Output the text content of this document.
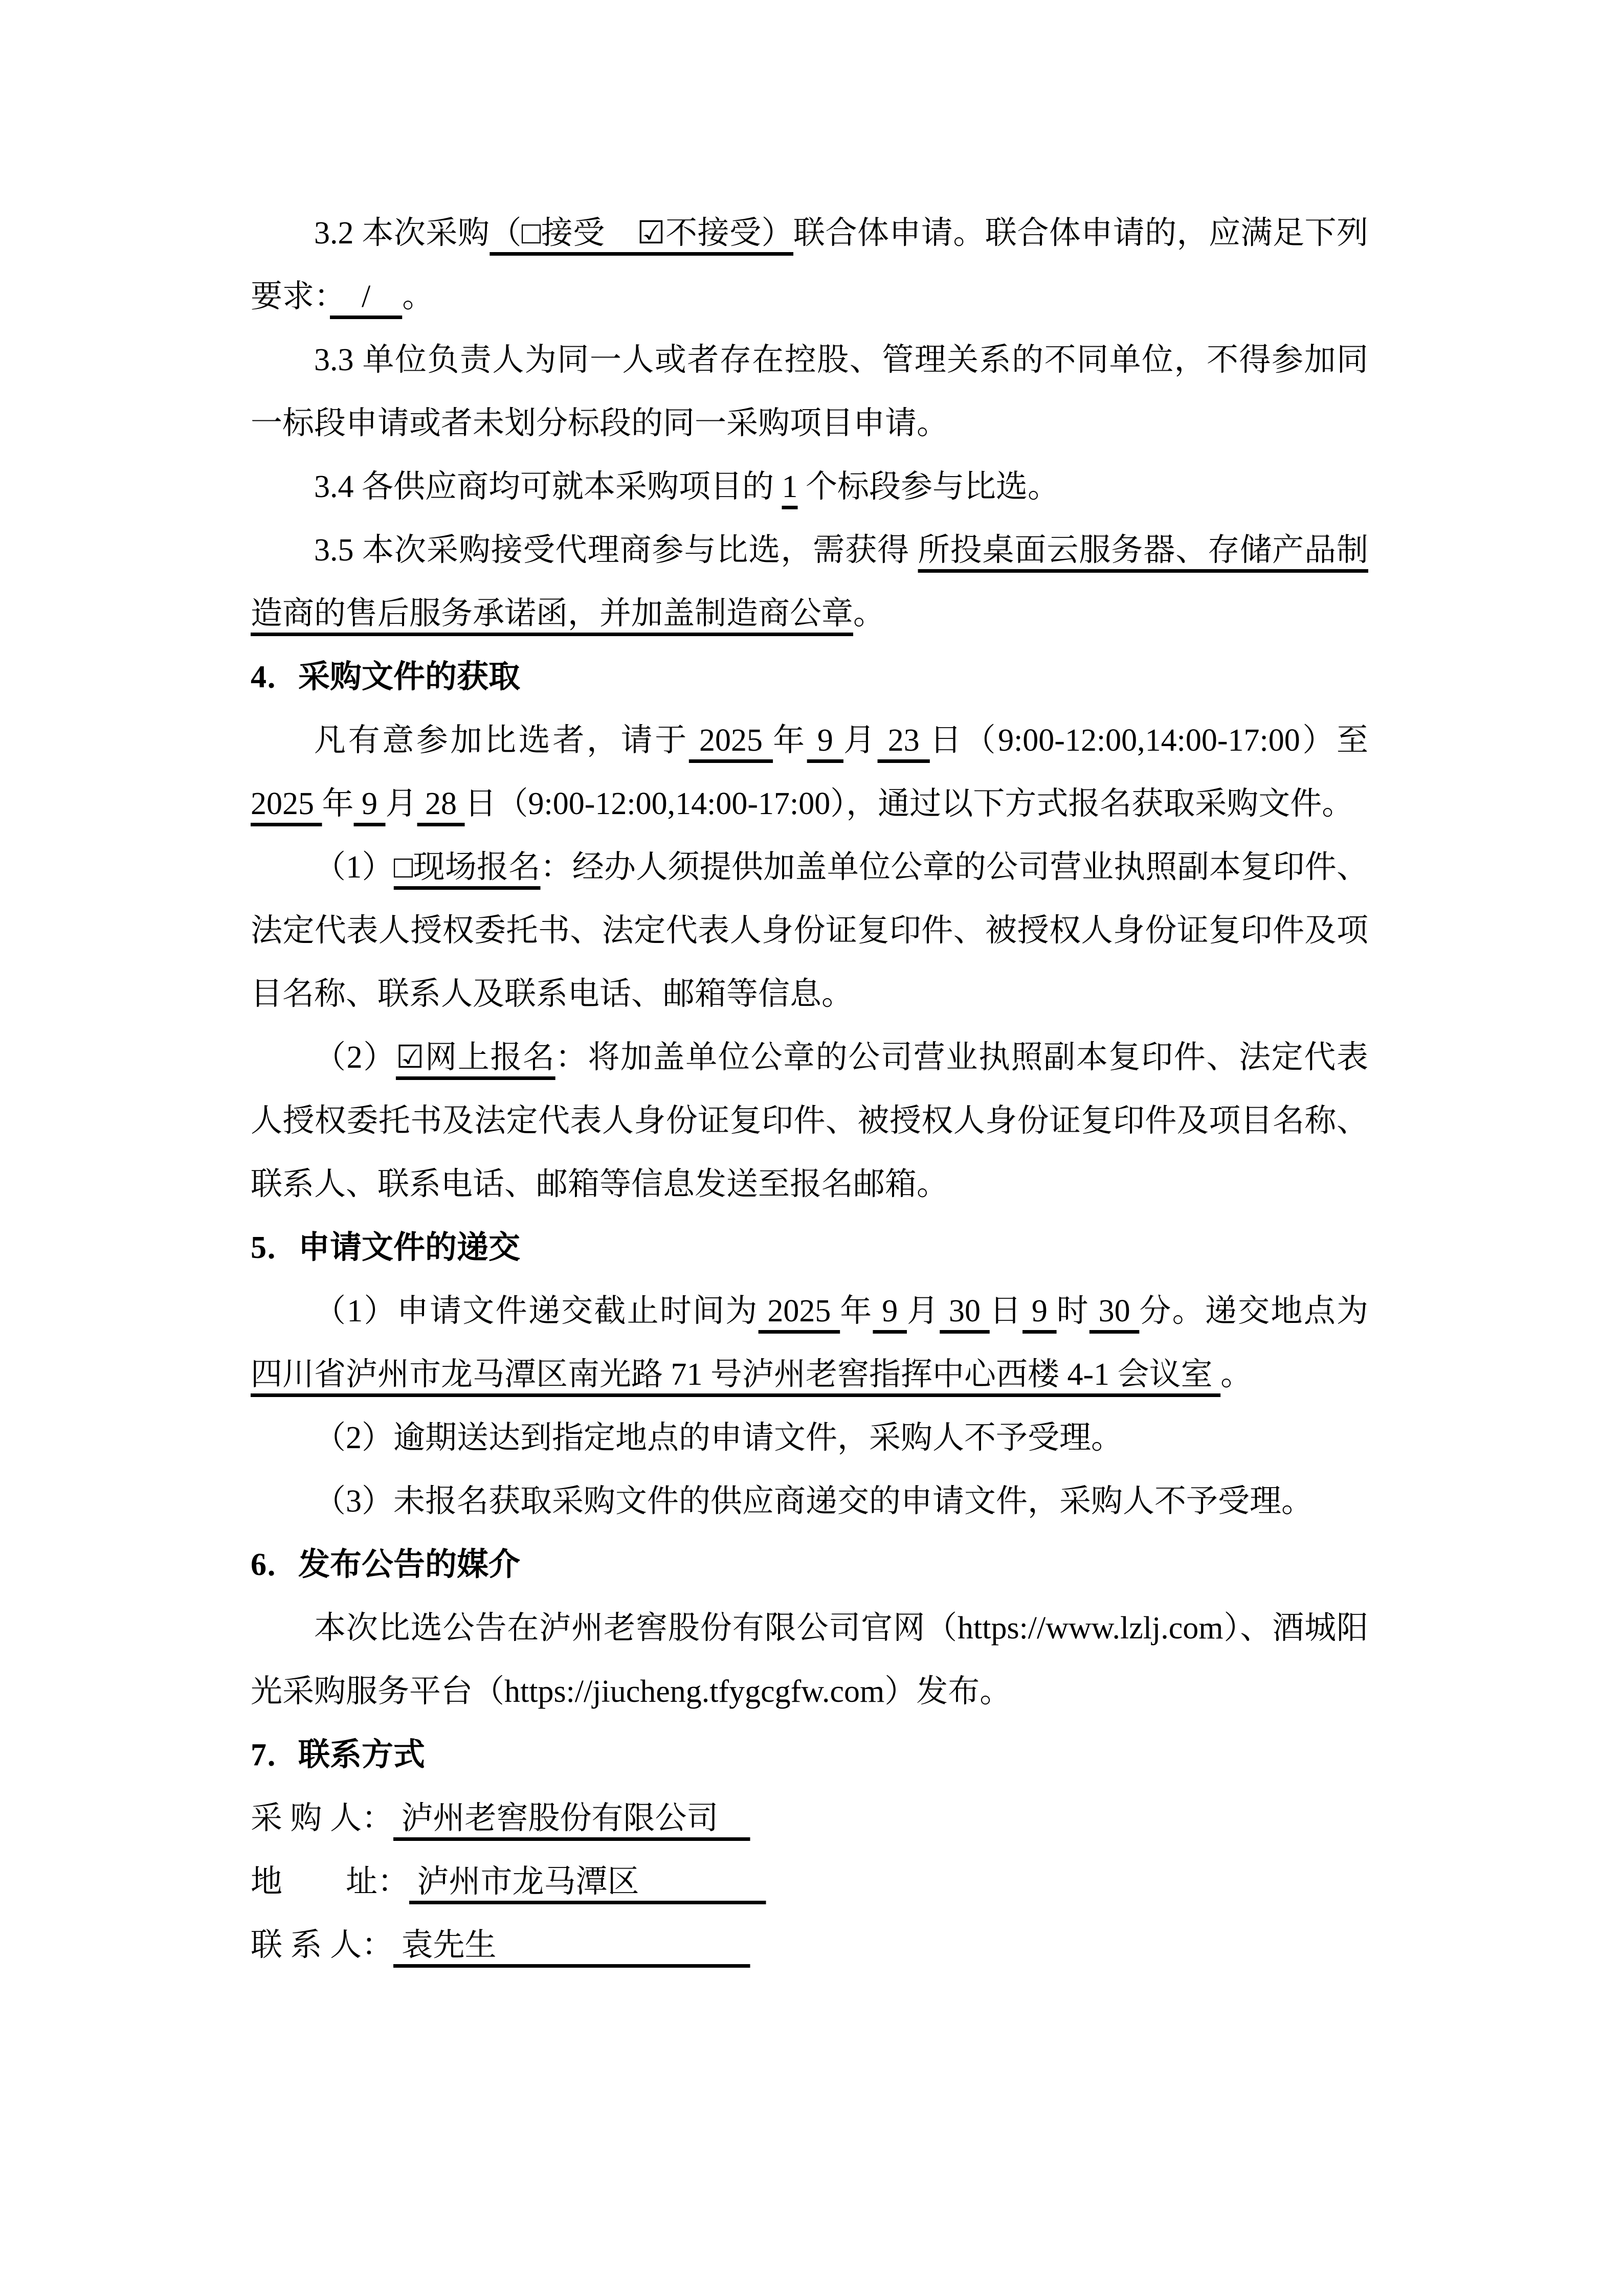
3.2 本次采购（□接受　☑不接受）联合体申请。联合体申请的，应满足下列要求：　/　。

3.3 单位负责人为同一人或者存在控股、管理关系的不同单位，不得参加同一标段申请或者未划分标段的同一采购项目申请。

3.4 各供应商均可就本采购项目的 1 个标段参与比选。

3.5 本次采购接受代理商参与比选，需获得 所投桌面云服务器、存储产品制造商的售后服务承诺函，并加盖制造商公章。

4．采购文件的获取

凡有意参加比选者，请于 2025 年 9 月 23 日（9:00-12:00,14:00-17:00）至 2025 年 9 月 28 日（9:00-12:00,14:00-17:00），通过以下方式报名获取采购文件。

（1）□现场报名：经办人须提供加盖单位公章的公司营业执照副本复印件、法定代表人授权委托书、法定代表人身份证复印件、被授权人身份证复印件及项目名称、联系人及联系电话、邮箱等信息。

（2）☑网上报名：将加盖单位公章的公司营业执照副本复印件、法定代表人授权委托书及法定代表人身份证复印件、被授权人身份证复印件及项目名称、联系人、联系电话、邮箱等信息发送至报名邮箱。

5．申请文件的递交

（1）申请文件递交截止时间为 2025 年 9 月 30 日 9 时 30 分。递交地点为 四川省泸州市龙马潭区南光路 71 号泸州老窖指挥中心西楼 4-1 会议室 。

（2）逾期送达到指定地点的申请文件，采购人不予受理。

（3）未报名获取采购文件的供应商递交的申请文件，采购人不予受理。

6．发布公告的媒介

本次比选公告在泸州老窖股份有限公司官网（https://www.lzlj.com）、酒城阳光采购服务平台（https://jiucheng.tfygcgfw.com）发布。

7．联系方式

采 购 人： 泸州老窖股份有限公司　

地　　址： 泸州市龙马潭区　　　　

联 系 人： 袁先生　　　　　　　　
